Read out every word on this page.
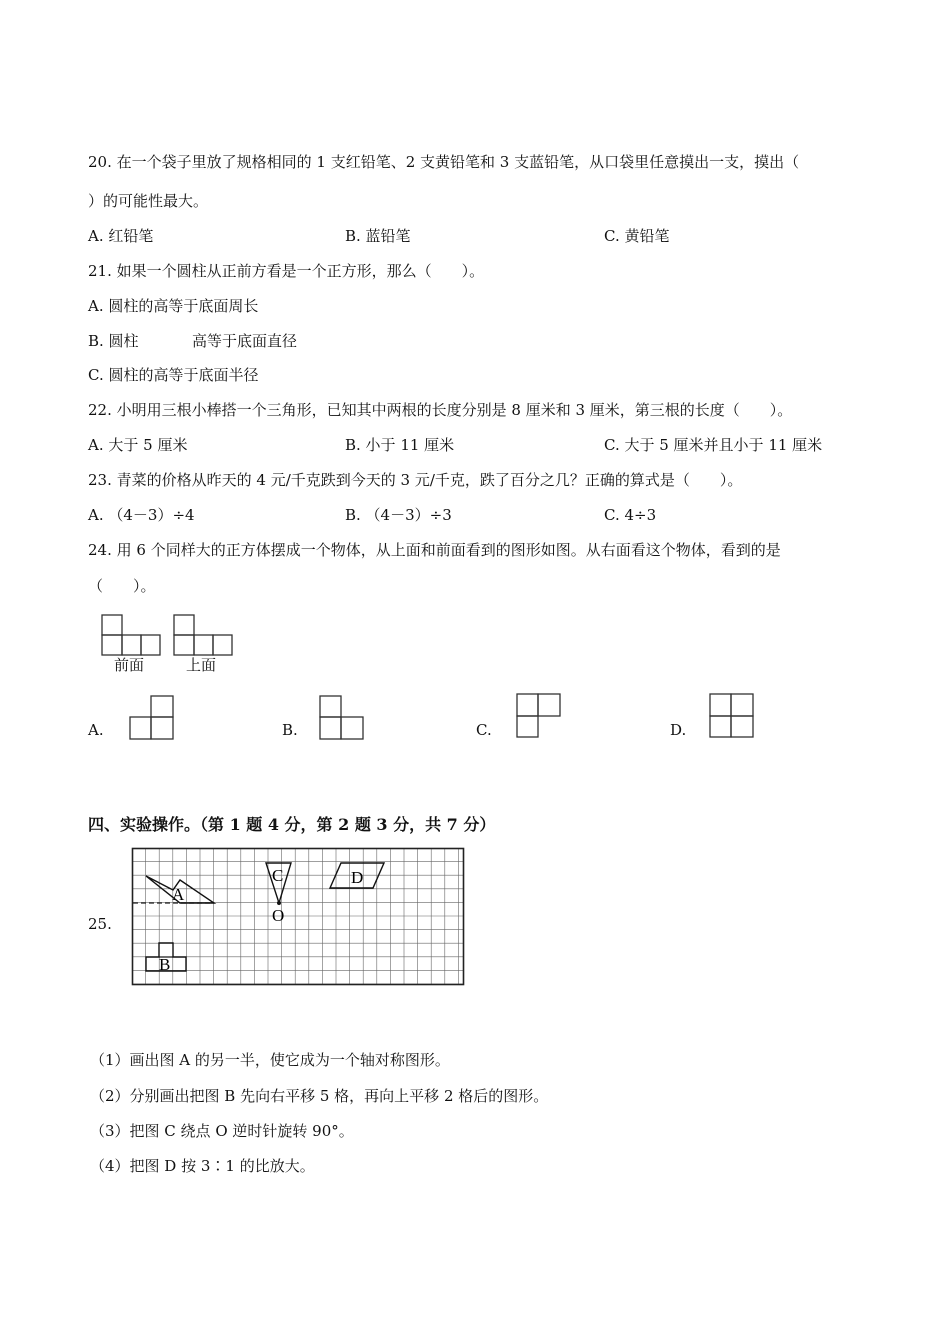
20. 在一个袋子里放了规格相同的 1 支红铅笔、2 支黄铅笔和 3 支蓝铅笔，从口袋里任意摸出一支，摸出（
）的可能性最大。
A. 红铅笔	B. 蓝铅笔	C. 黄铅笔
21. 如果一个圆柱从正前方看是一个正方形，那么（　　）。
A. 圆柱的高等于底面周长
B. 圆柱	高等于底面直径
C. 圆柱的高等于底面半径
22. 小明用三根小棒搭一个三角形，已知其中两根的长度分别是 8 厘米和 3 厘米，第三根的长度（　　）。
A. 大于 5 厘米	B. 小于 11 厘米	C. 大于 5 厘米并且小于 11 厘米
23. 青菜的价格从昨天的 4 元/千克跌到今天的 3 元/千克，跌了百分之几？正确的算式是（　　）。
A. （4－3）÷4	B. （4－3）÷3	C. 4÷3
24. 用 6 个同样大的正方体摆成一个物体，从上面和前面看到的图形如图。从右面看这个物体，看到的是
（　　）。
前面	上面
A.	B.	C.	D.
四、实验操作。（第 1 题 4 分，第 2 题 3 分，共 7 分）
25.
A
C
O
D
B
（1）画出图 A 的另一半，使它成为一个轴对称图形。
（2）分别画出把图 B 先向右平移 5 格，再向上平移 2 格后的图形。
（3）把图 C 绕点 O 逆时针旋转 90°。
（4）把图 D 按 3∶1 的比放大。
